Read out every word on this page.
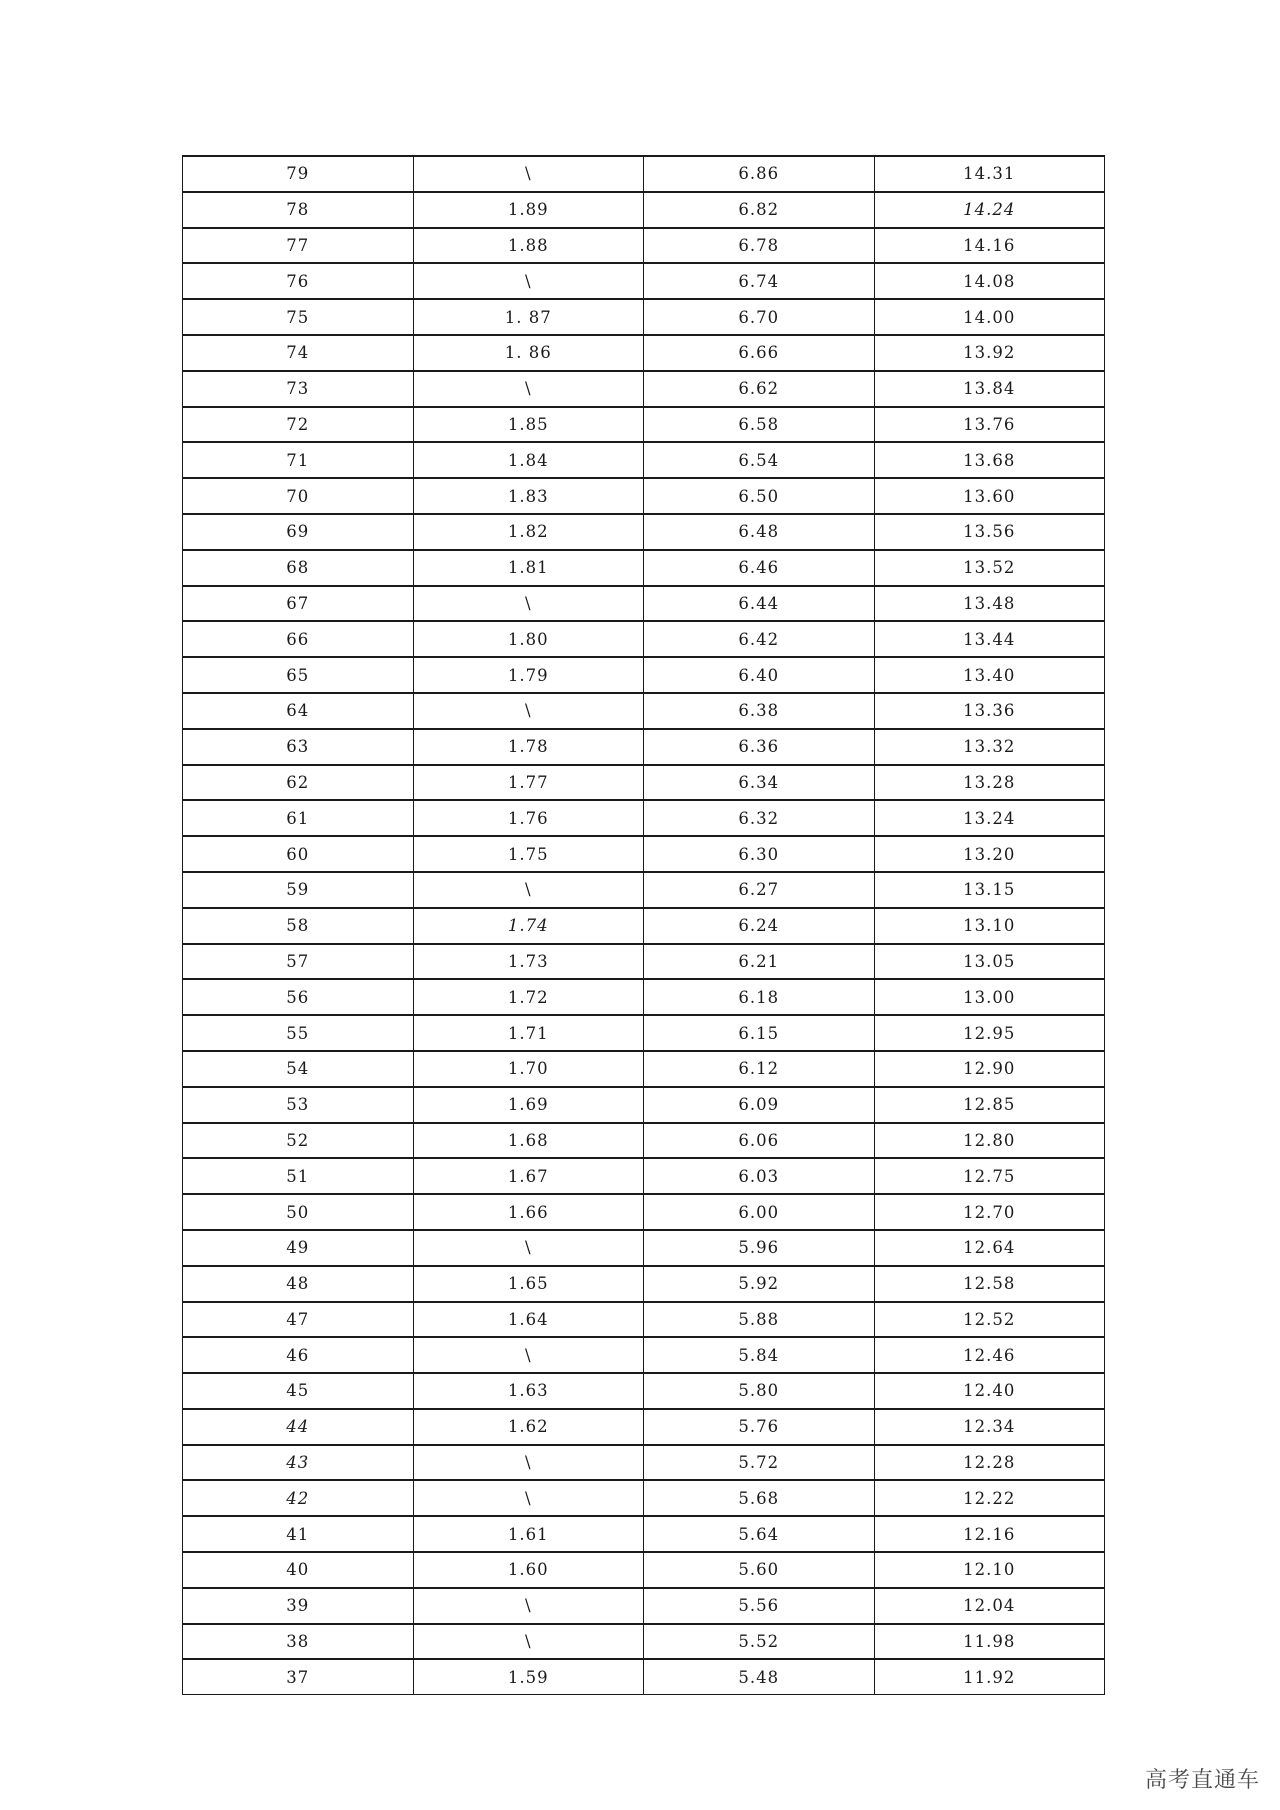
79	\	6.86	14.31
78	1.89	6.82	14.24
77	1.88	6.78	14.16
76	\	6.74	14.08
75	1. 87	6.70	14.00
74	1. 86	6.66	13.92
73	\	6.62	13.84
72	1.85	6.58	13.76
71	1.84	6.54	13.68
70	1.83	6.50	13.60
69	1.82	6.48	13.56
68	1.81	6.46	13.52
67	\	6.44	13.48
66	1.80	6.42	13.44
65	1.79	6.40	13.40
64	\	6.38	13.36
63	1.78	6.36	13.32
62	1.77	6.34	13.28
61	1.76	6.32	13.24
60	1.75	6.30	13.20
59	\	6.27	13.15
58	1.74	6.24	13.10
57	1.73	6.21	13.05
56	1.72	6.18	13.00
55	1.71	6.15	12.95
54	1.70	6.12	12.90
53	1.69	6.09	12.85
52	1.68	6.06	12.80
51	1.67	6.03	12.75
50	1.66	6.00	12.70
49	\	5.96	12.64
48	1.65	5.92	12.58
47	1.64	5.88	12.52
46	\	5.84	12.46
45	1.63	5.80	12.40
44	1.62	5.76	12.34
43	\	5.72	12.28
42	\	5.68	12.22
41	1.61	5.64	12.16
40	1.60	5.60	12.10
39	\	5.56	12.04
38	\	5.52	11.98
37	1.59	5.48	11.92
高考直通车
